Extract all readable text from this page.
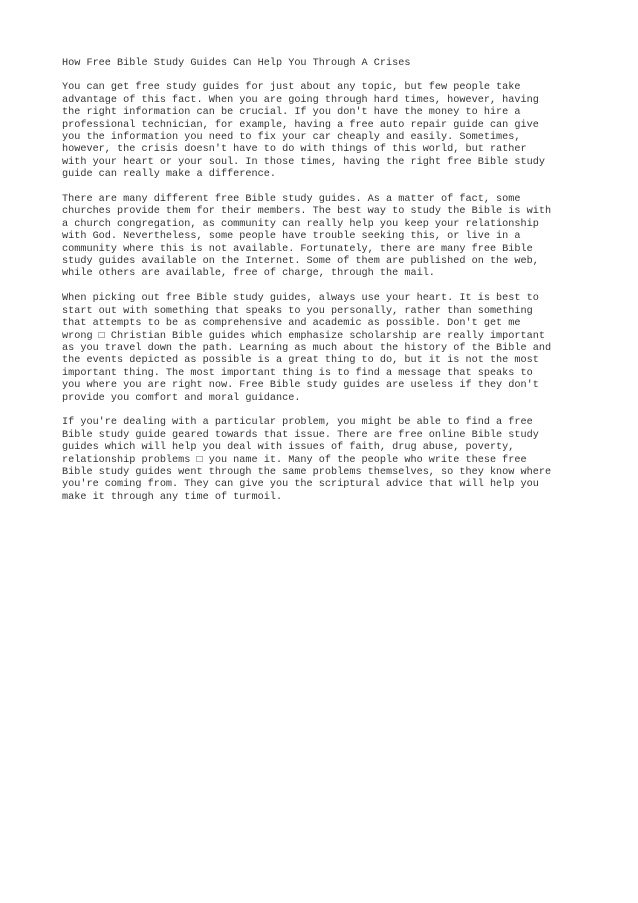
How Free Bible Study Guides Can Help You Through A Crises

You can get free study guides for just about any topic, but few people take
advantage of this fact. When you are going through hard times, however, having
the right information can be crucial. If you don't have the money to hire a
professional technician, for example, having a free auto repair guide can give
you the information you need to fix your car cheaply and easily. Sometimes,
however, the crisis doesn't have to do with things of this world, but rather
with your heart or your soul. In those times, having the right free Bible study
guide can really make a difference.

There are many different free Bible study guides. As a matter of fact, some
churches provide them for their members. The best way to study the Bible is with
a church congregation, as community can really help you keep your relationship
with God. Nevertheless, some people have trouble seeking this, or live in a
community where this is not available. Fortunately, there are many free Bible
study guides available on the Internet. Some of them are published on the web,
while others are available, free of charge, through the mail.

When picking out free Bible study guides, always use your heart. It is best to
start out with something that speaks to you personally, rather than something
that attempts to be as comprehensive and academic as possible. Don't get me
wrong □ Christian Bible guides which emphasize scholarship are really important
as you travel down the path. Learning as much about the history of the Bible and
the events depicted as possible is a great thing to do, but it is not the most
important thing. The most important thing is to find a message that speaks to
you where you are right now. Free Bible study guides are useless if they don't
provide you comfort and moral guidance.

If you're dealing with a particular problem, you might be able to find a free
Bible study guide geared towards that issue. There are free online Bible study
guides which will help you deal with issues of faith, drug abuse, poverty,
relationship problems □ you name it. Many of the people who write these free
Bible study guides went through the same problems themselves, so they know where
you're coming from. They can give you the scriptural advice that will help you
make it through any time of turmoil.
